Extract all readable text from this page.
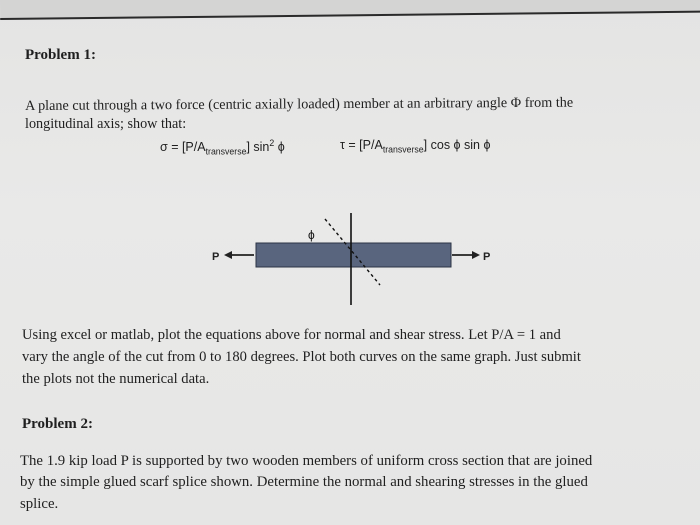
Problem 1:
A plane cut through a two force (centric axially loaded) member at an arbitrary angle Φ from the
longitudinal axis; show that:
$\sigma = [P/A_{transverse}]$ $\sin^2 \phi$	$\tau = [P/A_{transverse}]$ cos ϕ sin ϕ
ϕ
P	P
Using excel or matlab, plot the equations above for normal and shear stress. Let P/A = 1 and
vary the angle of the cut from 0 to 180 degrees. Plot both curves on the same graph. Just submit
the plots not the numerical data.
Problem 2:
The 1.9 kip load P is supported by two wooden members of uniform cross section that are joined
by the simple glued scarf splice shown. Determine the normal and shearing stresses in the glued
splice.
